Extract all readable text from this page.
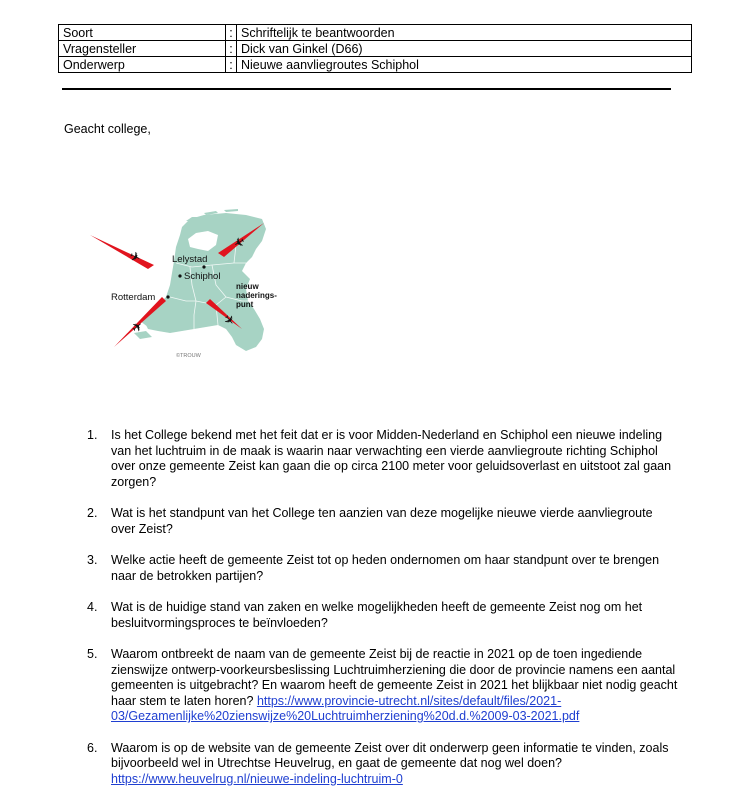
Soort	:	Schriftelijk te beantwoorden
Vragensteller	:	Dick van Ginkel (D66)
Onderwerp	:	Nieuwe aanvliegroutes Schiphol
Geacht college,
✈
✈
✈	✈
Lelystad
Schiphol
Rotterdam
nieuw
naderings-
punt
©TROUW
1. Is het College bekend met het feit dat er is voor Midden-Nederland en Schiphol een nieuwe indeling van het luchtruim in de maak is waarin naar verwachting een vierde aanvliegroute richting Schiphol over onze gemeente Zeist kan gaan die op circa 2100 meter voor geluidsoverlast en uitstoot zal gaan zorgen?
2. Wat is het standpunt van het College ten aanzien van deze mogelijke nieuwe vierde aanvliegroute over Zeist?
3. Welke actie heeft de gemeente Zeist tot op heden ondernomen om haar standpunt over te brengen naar de betrokken partijen?
4. Wat is de huidige stand van zaken en welke mogelijkheden heeft de gemeente Zeist nog om het besluitvormingsproces te beïnvloeden?
5. Waarom ontbreekt de naam van de gemeente Zeist bij de reactie in 2021 op de toen ingediende zienswijze ontwerp-voorkeursbeslissing Luchtruimherziening die door de provincie namens een aantal gemeenten is uitgebracht? En waarom heeft de gemeente Zeist in 2021 het blijkbaar niet nodig geacht haar stem te laten horen? https://www.provincie-utrecht.nl/sites/default/files/2021-03/Gezamenlijke%20zienswijze%20Luchtruimherziening%20d.d.%2009-03-2021.pdf
6. Waarom is op de website van de gemeente Zeist over dit onderwerp geen informatie te vinden, zoals bijvoorbeeld wel in Utrechtse Heuvelrug, en gaat de gemeente dat nog wel doen? https://www.heuvelrug.nl/nieuwe-indeling-luchtruim-0
